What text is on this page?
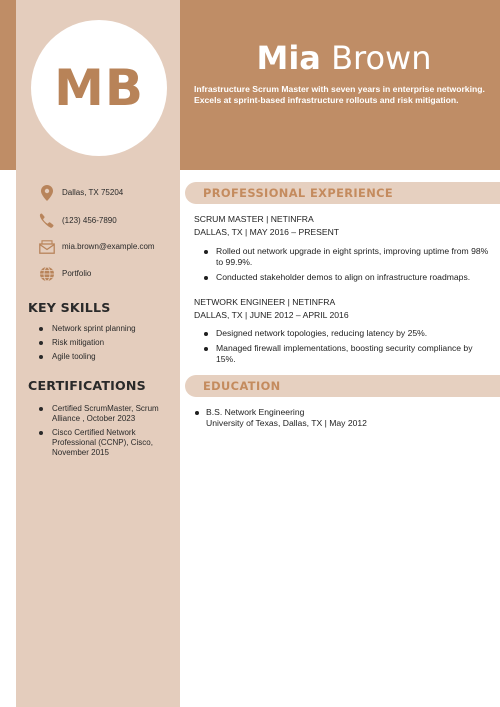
MB
Mia Brown
Infrastructure Scrum Master with seven years in enterprise networking. Excels at sprint-based infrastructure rollouts and risk mitigation.
Dallas, TX 75204
(123) 456-7890
mia.brown@example.com
Portfolio
KEY SKILLS
Network sprint planning
Risk mitigation
Agile tooling
CERTIFICATIONS
Certified ScrumMaster, Scrum Alliance , October 2023
Cisco Certified Network Professional (CCNP), Cisco, November 2015
PROFESSIONAL EXPERIENCE
SCRUM MASTER | NETINFRA
DALLAS, TX | MAY 2016 – PRESENT
Rolled out network upgrade in eight sprints, improving uptime from 98% to 99.9%.
Conducted stakeholder demos to align on infrastructure roadmaps.
NETWORK ENGINEER | NETINFRA
DALLAS, TX | JUNE 2012 – APRIL 2016
Designed network topologies, reducing latency by 25%.
Managed firewall implementations, boosting security compliance by 15%.
EDUCATION
B.S. Network Engineering
University of Texas, Dallas, TX | May 2012
